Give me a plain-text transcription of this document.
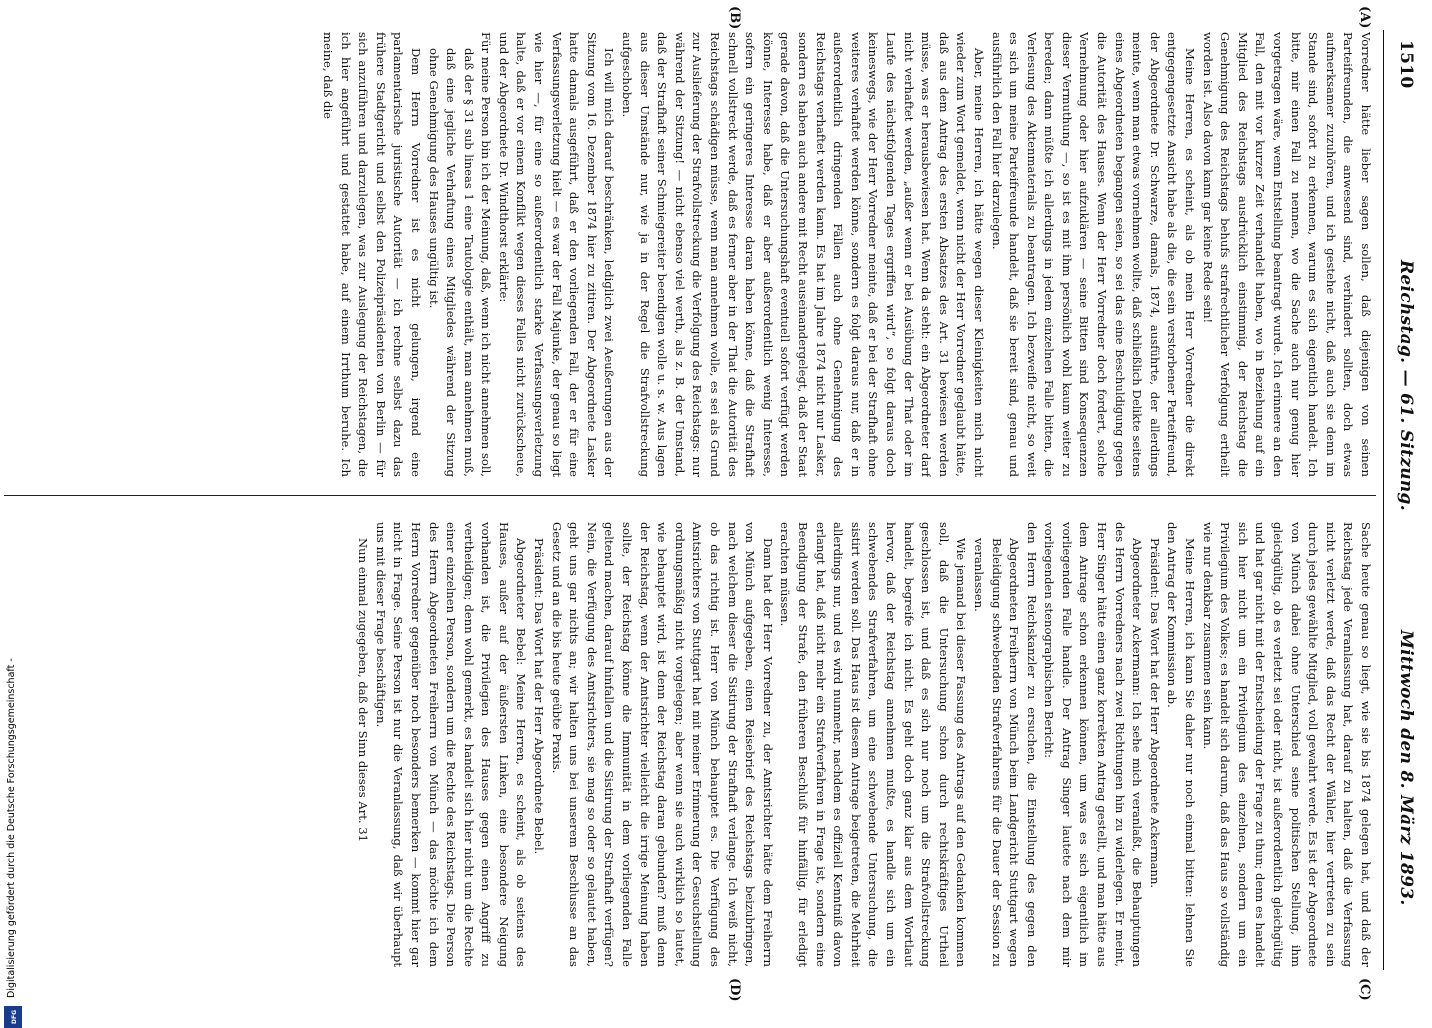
1510
Reichstag. — 61. Sitzung.
Mittwoch den 8. März 1893.
(A)
(B)
(C)
(D)

Vorredner hätte lieber sagen sollen, daß diejenigen von seinen Parteifreunden, die anwesend sind, verhindert sollten, doch etwas aufmerksamer zuzuhören, und ich gestehe nicht, daß auch sie denn im Stande sind, sofort zu erkennen, warum es sich eigentlich handelt. Ich bitte, mir einen Fall zu nennen, wo die Sache auch nur genug hier vorgetragen wäre, wenn Entstellung beantragt wurde. Ich erinnere an den Fall, den mit vor kurzer Zeit verhandelt haben, wo in Beziehung auf ein Mitglied des Reichstags ausdrücklich einstimmig, der Reichstag die Genehmigung des Reichstags behufs strafrechtlicher Verfolgung ertheilt worden ist. Also davon kann gar keine Rede sein!

Meine Herren, es scheint, als ob mein Herr Vorredner die direkt entgegengesetzte Ansicht habe als die, die sein verstorbener Parteifreund, der Abgeordnete Dr. Schwarze, damals, 1874, ausführte, der allerdings meinte, wenn man etwas vornehmen wollte, daß schließlich Delikte seitens eines Abgeordneten begangen seien, so sei das eine Beschuldigung gegen die Autorität des Hauses. Wenn der Herr Vorredner doch fordert, solche Vernehmung oder hier aufzuklären — seine Bitten sind Konsequenzen dieser Vermuthung —, so ist es mit ihm persönlich wohl kaum weiter zu bereden; dann müßte ich allerdings in jedem einzelnen Falle bitten, die Verlesung des Aktenmaterials zu beantragen. Ich bezweifle nicht, so weit es sich um meine Parteifreunde handelt, daß sie bereit sind, genau und ausführlich den Fall hier darzulegen.

Aber, meine Herren, ich hätte wegen dieser Kleinigkeiten mich nicht wieder zum Wort gemeldet, wenn nicht der Herr Vorredner geglaubt hätte, daß aus dem Antrag des ersten Absatzes des Art. 31 bewiesen werden müsse, was er herausbewiesen hat. Wenn da steht: ein Abgeordneter darf nicht verhaftet werden, „außer wenn er bei Ausübung der That oder im Laufe des nächstfolgenden Tages ergriffen wird“, so folgt daraus doch keineswegs, wie der Herr Vorredner meinte, daß er bei der Strafhaft ohne weiteres verhaftet werden könne, sondern es folgt daraus nur, daß er in außerordentlich dringenden Fällen auch ohne Genehmigung des Reichstags verhaftet werden kann. Es hat im Jahre 1874 nicht nur Lasker, sondern es haben auch andere mit Recht auseinandergelegt, daß der Staat gerade davon, daß die Untersuchungshaft eventuell sofort verfügt werden könne, Interesse habe, daß er aber außerordentlich wenig Interesse, sofern ein geringeres Interesse daran haben könne, daß die Strafhaft schnell vollstreckt werde, daß es ferner aber in der That die Autorität des Reichstags schädigen müsse, wenn man annehmen wolle, es sei als Grund zur Auslieferung der Strafvollstreckung die Verfolgung des Reichstags: nur während der Sitzung! — nicht ebenso viel werth, als z. B. der Umstand, daß der Strafhaft seiner Schmiegereiter beendigen wolle u. s. w. Aus lagen aus dieser Umstände nur, wie ja in der Regel die Strafvollstreckung aufgeschoben.

Ich will mich darauf beschränken, lediglich zwei Aeußerungen aus der Sitzung vom 16. Dezember 1874 hier zu zitiren. Der Abgeordnete Lasker hatte damals ausgeführt, daß er den vorliegenden Fall, der er für eine Verfassungsverletzung hielt — es war der Fall Majunke, der genau so liegt wie hier —, für eine so außerordentlich starke Verfassungsverletzung halte, daß er vor einem Konflikt wegen dieses Falles nicht zurückscheue, und der Abgeordnete Dr. Windthorst erklärte:

Für meine Person bin ich der Meinung, daß, wenn ich nicht annehmen soll, daß der § 31 sub lineas 1 eine Tautologie enthält, man annehmen muß, daß eine jegliche Verhaftung eines Mitgliedes während der Sitzung ohne Genehmigung des Hauses ungültig ist.

Dem Herrn Vorredner ist es nicht gelungen, irgend eine parlamentarische juristische Autorität — ich rechne selbst dazu das frühere Stadtgericht und selbst den Polizeipräsidenten von Berlin — für sich anzuführen und darzulegen, was zur Auslegung der Reichstagen, die ich hier angeführt und gestattet habe, auf einem Irrthum beruhe. Ich meine, daß die

Sache heute genau so liegt, wie sie bis 1874 gelegen hat, und daß der Reichstag jede Veranlassung hat, darauf zu halten, daß die Verfassung nicht verletzt werde, daß das Recht der Wähler, hier vertreten zu sein durch jedes gewählte Mitglied, voll gewahrt werde. Es ist der Abgeordnete von Münch dabei ohne Unterschied seine politischen Stellung, ihm gleichgültig, ob es verletzt sei oder nicht, ist außerordentlich gleichgültig und hat gar nicht mit der Entscheidung der Frage zu thun; denn es handelt sich hier nicht um ein Privilegium des einzelnen, sondern um ein Privilegium des Volkes; es handelt sich darum, daß das Haus so vollständig wie nur denkbar zusammen sein kann.

Meine Herren, ich kann Sie daher nur noch einmal bitten: lehnen Sie den Antrag der Kommission ab.

Präsident: Das Wort hat der Herr Abgeordnete Ackermann.

Abgeordneter Ackermann: Ich sehe mich veranlaßt, die Behauptungen des Herrn Vorredners nach zwei Richtungen hin zu widerlegen. Er meint, Herr Singer hätte einen ganz korrekten Antrag gestellt, und man hätte aus dem Antrage schon erkennen können, um was es sich eigentlich im vorliegenden Falle handle. Der Antrag Singer lautete nach dem mir vorliegenden stenographischen Bericht:

den Herrn Reichskanzler zu ersuchen, die Einstellung des gegen den Abgeordneten Freiherrn von Münch beim Landgericht Stuttgart wegen Beleidigung schwebenden Strafverfahrens für die Dauer der Session zu veranlassen.

Wie jemand bei dieser Fassung des Antrags auf den Gedanken kommen soll, daß die Untersuchung schon durch rechtskräftiges Urtheil geschlossen ist, und daß es sich nur noch um die Strafvollstreckung handelt, begreife ich nicht. Es geht doch ganz klar aus dem Wortlaut hervor, daß der Reichstag annehmen mußte, es handle sich um ein schwebendes Strafverfahren, um eine schwebende Untersuchung, die sistirt werden soll. Das Haus ist diesem Antrage beigetreten, die Mehrheit allerdings nur, und es wird nunmehr, nachdem es offiziell Kenntniß davon erlangt hat, daß nicht mehr ein Strafverfahren in Frage ist, sondern eine Beendigung der Strafe, den früheren Beschluß für hinfällig, für erledigt erachten müssen.

Dann hat der Herr Vorredner zu, der Amtsrichter hätte dem Freiherrn von Münch aufgegeben, einen Reisebrief des Reichstags beizubringen, nach welchem dieser die Sistirung der Strafhaft verlange. Ich weiß nicht, ob das richtig ist. Herr von Münch behauptet es. Die Verfügung des Amtsrichters von Stuttgart hat mit meiner Erinnerung der Gesuchstellung ordnungsmäßig nicht vorgelegen; aber wenn sie auch wirklich so lautet, wie behauptet wird, ist denn der Reichstag daran gebunden? muß denn der Reichstag, wenn der Amtsrichter vielleicht die irrige Meinung haben sollte, der Reichstag könne die Immunität in dem vorliegenden Falle geltend machen, darauf hinfallen und die Sistirung der Strafhaft verfügen? Nein, die Verfügung des Amtsrichters, sie mag so oder so gelautet haben, geht uns gar nichts an; wir halten uns bei unserem Beschlusse an das Gesetz und an die bis heute geübte Praxis.

Präsident: Das Wort hat der Herr Abgeordnete Bebel.

Abgeordneter Bebel: Meine Herren, es scheint, als ob seitens des Hauses, außer auf der äußersten Linken, eine besondere Neigung vorhanden ist, die Privilegien des Hauses gegen einen Angriff zu vertheidigen; denn wohl gemerkt, es handelt sich hier nicht um die Rechte einer einzelnen Person, sondern um die Rechte des Reichstags. Die Person des Herrn Abgeordneten Freiherrn von Münch — das möchte ich dem Herrn Vorredner gegenüber noch besonders bemerken — kommt hier gar nicht in Frage. Seine Person ist nur die Veranlassung, daß wir überhaupt uns mit dieser Frage beschäftigen.

Nun einmal zugegeben, daß der Sinn dieses Art. 31

Digitalisierung gefördert durch die Deutsche Forschungsgemeinschaft -
DFG
